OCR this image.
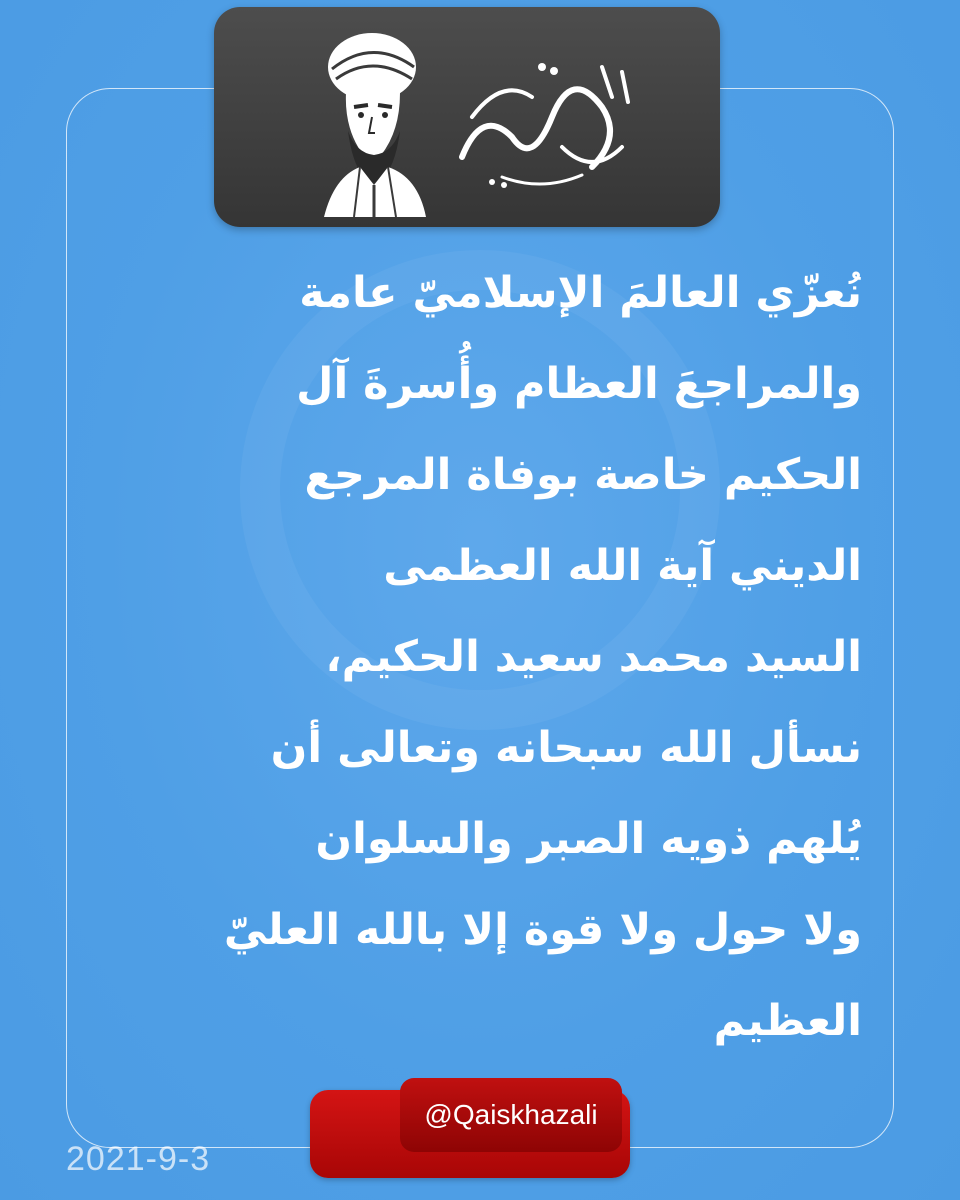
نُعزّي العالمَ الإسلاميّ عامة
والمراجعَ العظام وأُسرةَ آل
الحكيم خاصة بوفاة المرجع
الديني آية الله العظمى
السيد محمد سعيد الحكيم،
نسأل الله سبحانه وتعالى أن
يُلهم ذويه الصبر والسلوان
ولا حول ولا قوة إلا بالله العليّ
العظيم
@Qaiskhazali
2021-9-3
